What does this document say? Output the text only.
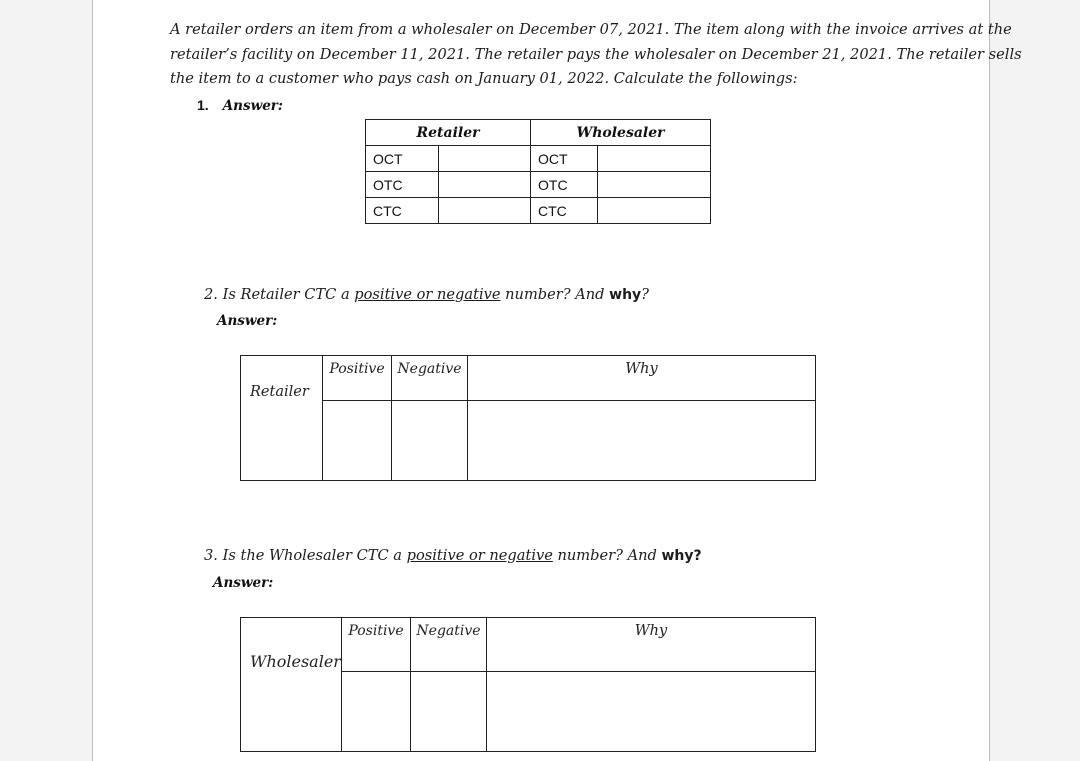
A retailer orders an item from a wholesaler on December 07, 2021. The item along with the invoice arrives at the
retailer’s facility on December 11, 2021. The retailer pays the wholesaler on December 21, 2021. The retailer sells
the item to a customer who pays cash on January 01, 2022. Calculate the followings:
1. Answer:
Retailer		Wholesaler	
OCT		OCT	
OTC		OTC	
CTC		CTC	
2. Is Retailer CTC a positive or negative number? And why?
Answer:
Retailer	Positive	Negative	Why

3. Is the Wholesaler CTC a positive or negative number? And why?
Answer:
Wholesaler	Positive	Negative	Why
